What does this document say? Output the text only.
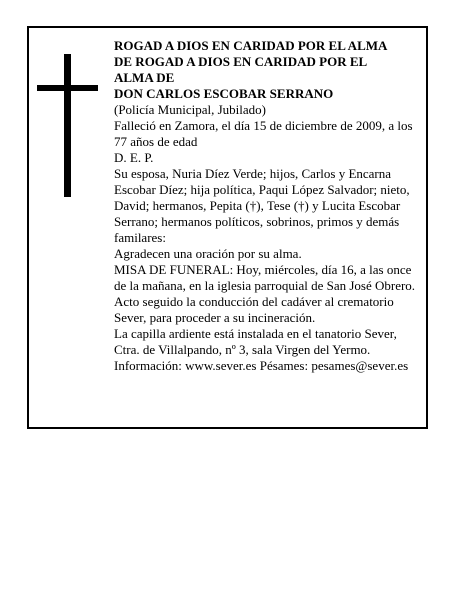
ROGAD A DIOS EN CARIDAD POR EL ALMA

DE ROGAD A DIOS EN CARIDAD POR EL

ALMA DE

DON CARLOS ESCOBAR SERRANO

(Policía Municipal, Jubilado)

Falleció en Zamora, el día 15 de diciembre de 2009, a los 77 años de edad

D. E. P.

Su esposa, Nuria Díez Verde; hijos, Carlos y Encarna Escobar Díez; hija política, Paqui López Salvador; nieto, David; hermanos, Pepita (†), Tese (†) y Lucita Escobar Serrano; hermanos políticos, sobrinos, primos y demás familares:

Agradecen una oración por su alma.

MISA DE FUNERAL: Hoy, miércoles, día 16, a las once de la mañana, en la iglesia parroquial de San José Obrero. Acto seguido la conducción del cadáver al crematorio Sever, para proceder a su incineración.

La capilla ardiente está instalada en el tanatorio Sever, Ctra. de Villalpando, nº 3, sala Virgen del Yermo.

Información: www.sever.es Pésames: pesames@sever.es
